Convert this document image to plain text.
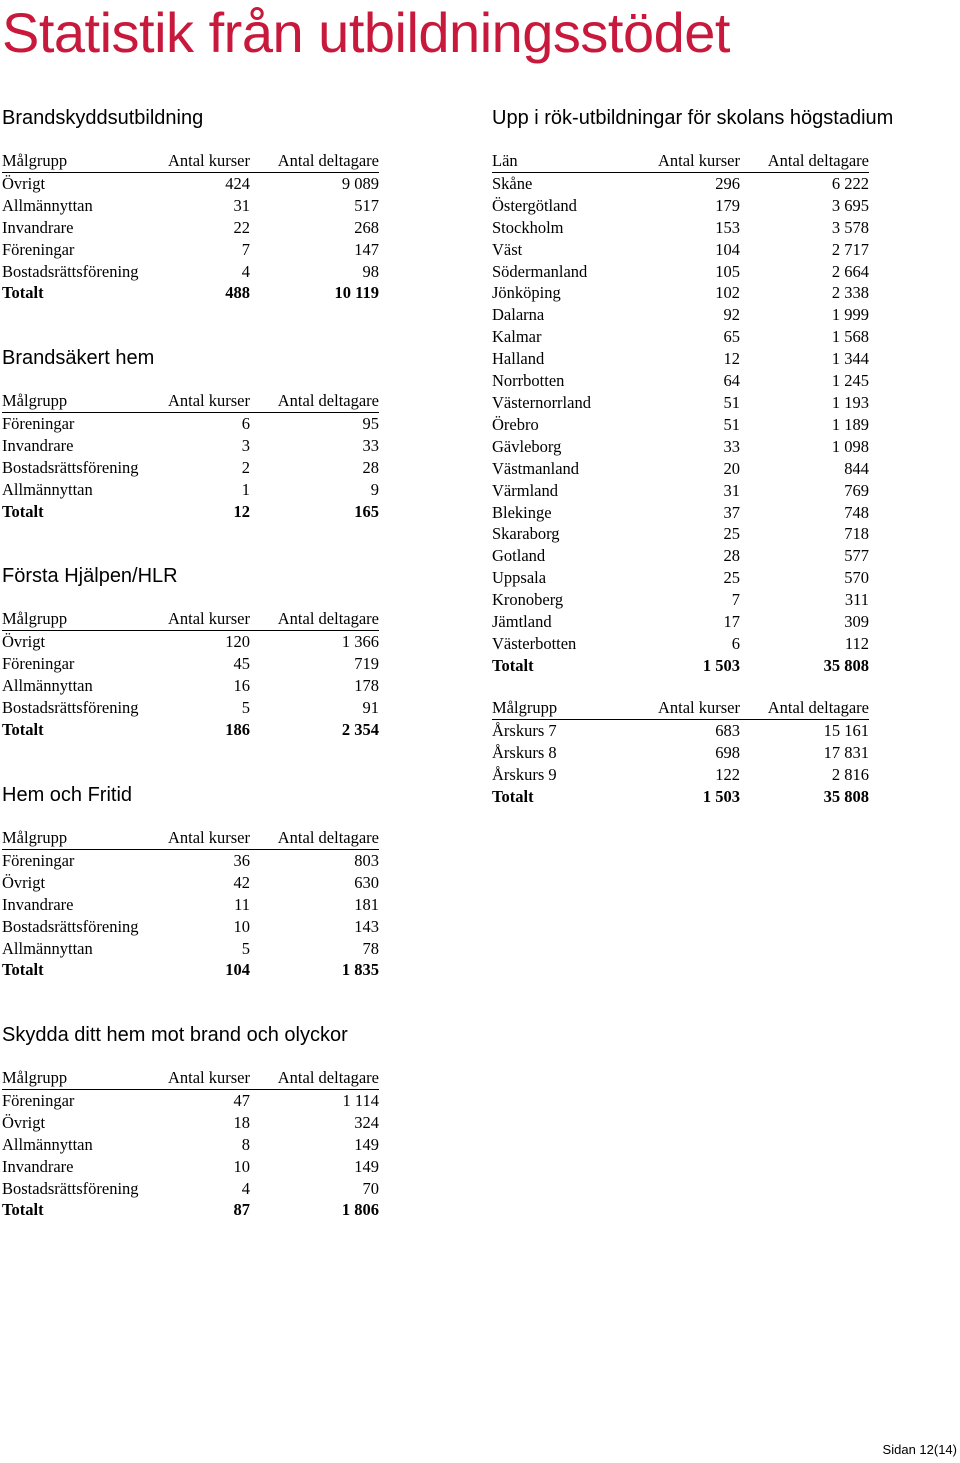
Statistik från utbildningsstödet
Brandskyddsutbildning
Målgrupp	Antal kurser	Antal deltagare
Övrigt	424	9 089
Allmännyttan	31	517
Invandrare	22	268
Föreningar	7	147
Bostadsrättsförening	4	98
Totalt	488	10 119
Brandsäkert hem
Målgrupp	Antal kurser	Antal deltagare
Föreningar	6	95
Invandrare	3	33
Bostadsrättsförening	2	28
Allmännyttan	1	9
Totalt	12	165
Första Hjälpen/HLR
Målgrupp	Antal kurser	Antal deltagare
Övrigt	120	1 366
Föreningar	45	719
Allmännyttan	16	178
Bostadsrättsförening	5	91
Totalt	186	2 354
Hem och Fritid
Målgrupp	Antal kurser	Antal deltagare
Föreningar	36	803
Övrigt	42	630
Invandrare	11	181
Bostadsrättsförening	10	143
Allmännyttan	5	78
Totalt	104	1 835
Skydda ditt hem mot brand och olyckor
Målgrupp	Antal kurser	Antal deltagare
Föreningar	47	1 114
Övrigt	18	324
Allmännyttan	8	149
Invandrare	10	149
Bostadsrättsförening	4	70
Totalt	87	1 806
Upp i rök-utbildningar för skolans högstadium
Län	Antal kurser	Antal deltagare
Skåne	296	6 222
Östergötland	179	3 695
Stockholm	153	3 578
Väst	104	2 717
Södermanland	105	2 664
Jönköping	102	2 338
Dalarna	92	1 999
Kalmar	65	1 568
Halland	12	1 344
Norrbotten	64	1 245
Västernorrland	51	1 193
Örebro	51	1 189
Gävleborg	33	1 098
Västmanland	20	844
Värmland	31	769
Blekinge	37	748
Skaraborg	25	718
Gotland	28	577
Uppsala	25	570
Kronoberg	7	311
Jämtland	17	309
Västerbotten	6	112
Totalt	1 503	35 808
Målgrupp	Antal kurser	Antal deltagare
Årskurs 7	683	15 161
Årskurs 8	698	17 831
Årskurs 9	122	2 816
Totalt	1 503	35 808
Sidan 12(14)
